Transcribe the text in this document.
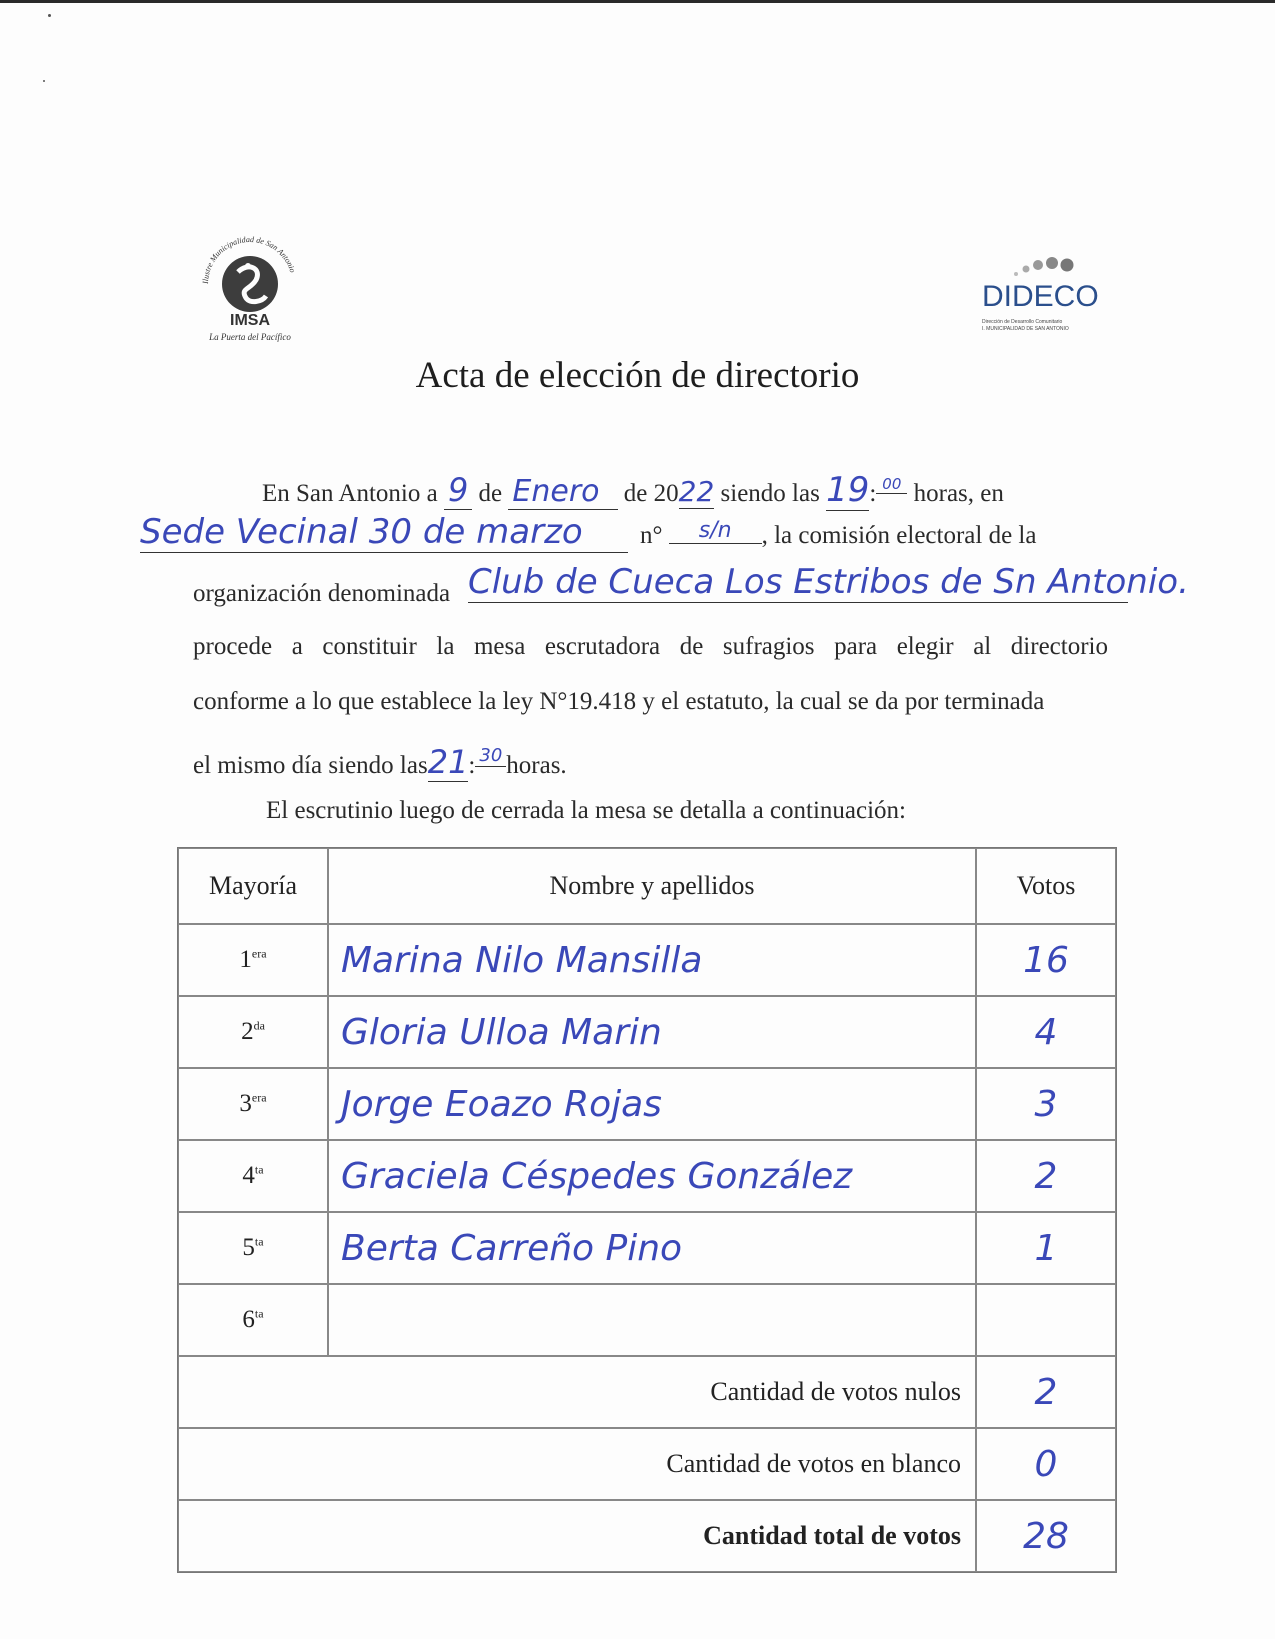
Ilustre Municipalidad de San Antonio
IMSA
La Puerta del Pacífico
DIDECO
Dirección de Desarrollo Comunitario
I. MUNICIPALIDAD DE SAN ANTONIO
Acta de elección de directorio
En San Antonio a 9 de Enero de 2022 siendo las 19: $^{00}$ horas, en
Sede Vecinal 30 de marzo	n° s/n , la comisión electoral de la
organización denominada Club de Cueca Los Estribos de Sn Antonio.
procede a constituir la mesa escrutadora de sufragios para elegir al directorio
conforme a lo que establece la ley N°19.418 y el estatuto, la cual se da por terminada
el mismo día siendo las21: $^{30}$ horas.
El escrutinio luego de cerrada la mesa se detalla a continuación:
Mayoría	Nombre y apellidos	Votos
$1^{era}$	Marina Nilo Mansilla	16
$2^{da}$	Gloria Ulloa Marin	4
$3^{era}$	Jorge Eoazo Rojas	3
$4^{ta}$	Graciela Céspedes González	2
$5^{ta}$	Berta Carreño Pino	1
$6^{ta}$		
Cantidad de votos nulos		2
Cantidad de votos en blanco		0
Cantidad total de votos		28
